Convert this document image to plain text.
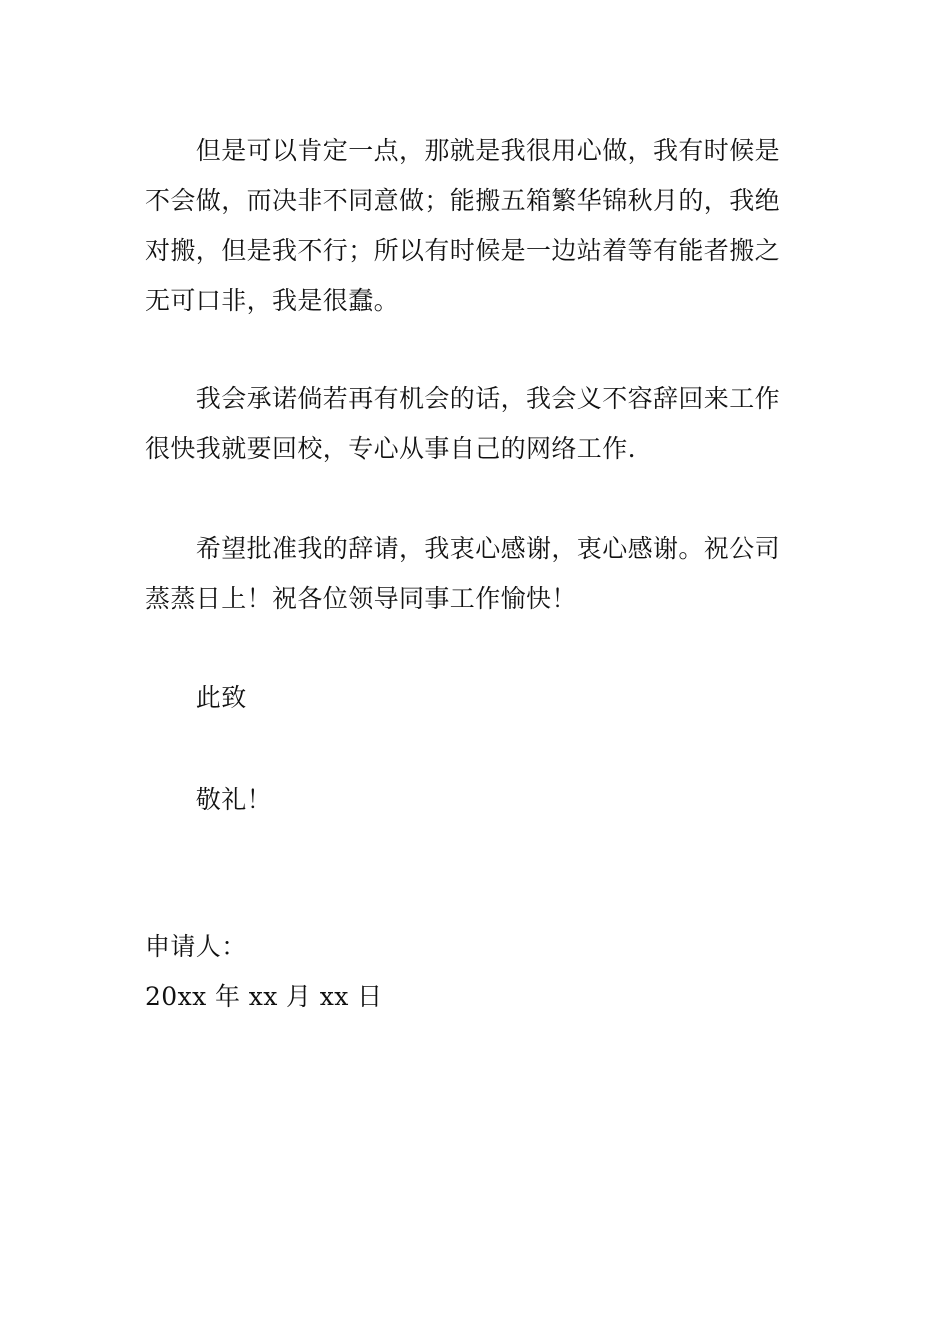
　　但是可以肯定一点，那就是我很用心做，我有时候是
不会做，而决非不同意做；能搬五箱繁华锦秋月的，我绝
对搬，但是我不行；所以有时候是一边站着等有能者搬之
无可口非，我是很蠢。
　　我会承诺倘若再有机会的话，我会义不容辞回来工作
很快我就要回校，专心从事自己的网络工作.
　　希望批准我的辞请，我衷心感谢，衷心感谢。祝公司
蒸蒸日上！祝各位领导同事工作愉快！
　　此致
　　敬礼！
申请人：
20xx 年 xx 月 xx 日
